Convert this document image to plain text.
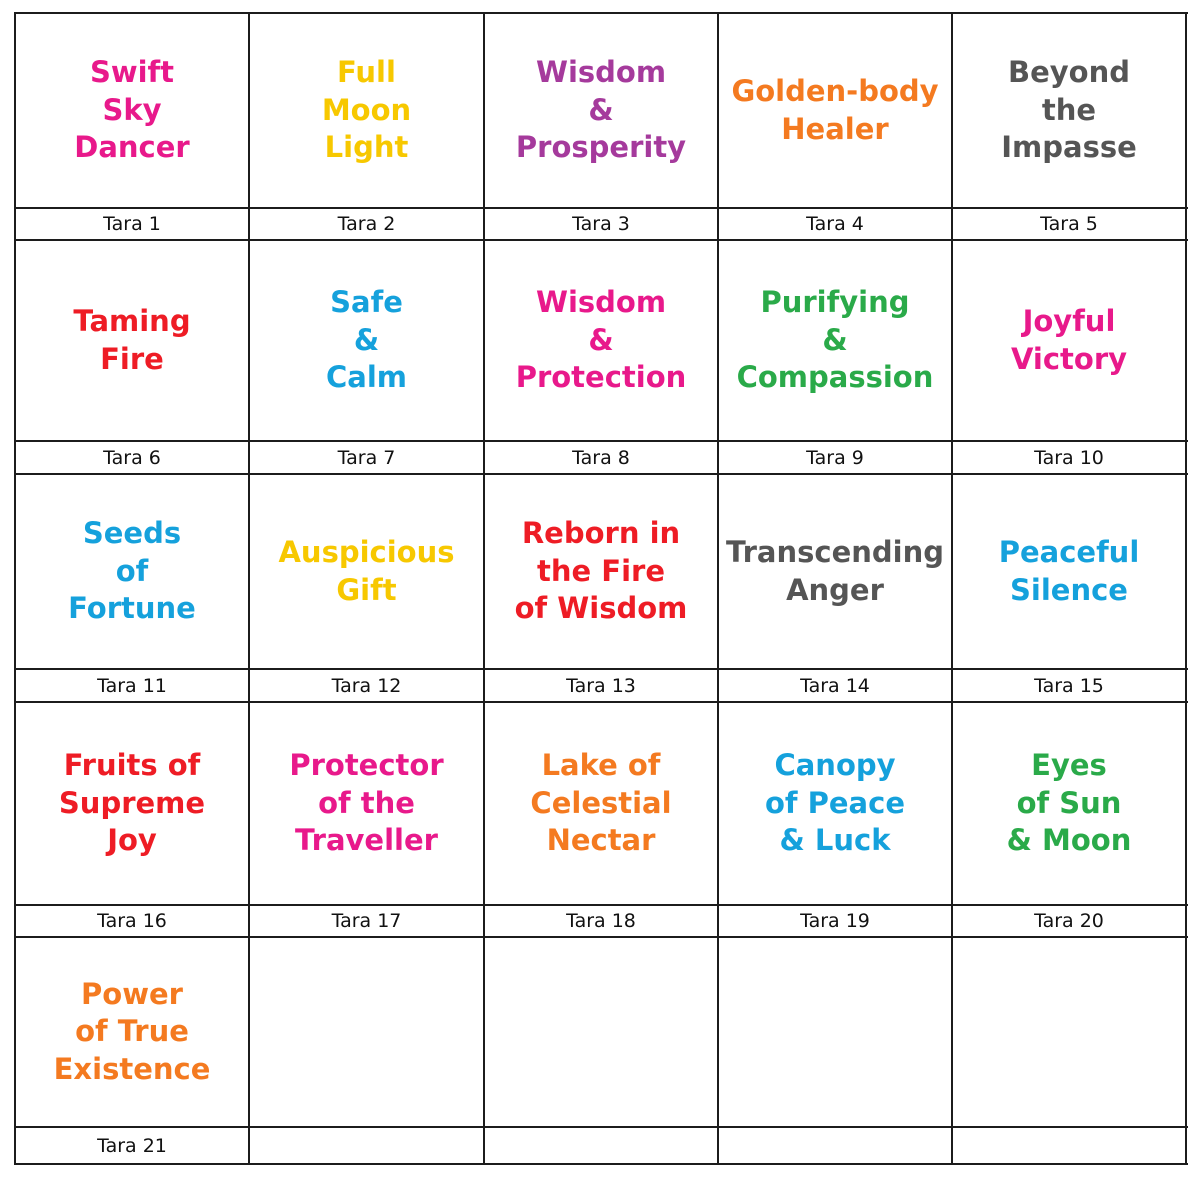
Swift
Sky
Dancer
Tara 1
Full
Moon
Light
Tara 2
Wisdom
&
Prosperity
Tara 3
Golden-body
Healer
Tara 4
Beyond
the
Impasse
Tara 5
Taming
Fire
Tara 6
Safe
&
Calm
Tara 7
Wisdom
&
Protection
Tara 8
Purifying
&
Compassion
Tara 9
Joyful
Victory
Tara 10
Seeds
of
Fortune
Tara 11
Auspicious
Gift
Tara 12
Reborn in
the Fire
of Wisdom
Tara 13
Transcending
Anger
Tara 14
Peaceful
Silence
Tara 15
Fruits of
Supreme
Joy
Tara 16
Protector
of the
Traveller
Tara 17
Lake of
Celestial
Nectar
Tara 18
Canopy
of Peace
& Luck
Tara 19
Eyes
of Sun
& Moon
Tara 20
Power
of True
Existence
Tara 21
